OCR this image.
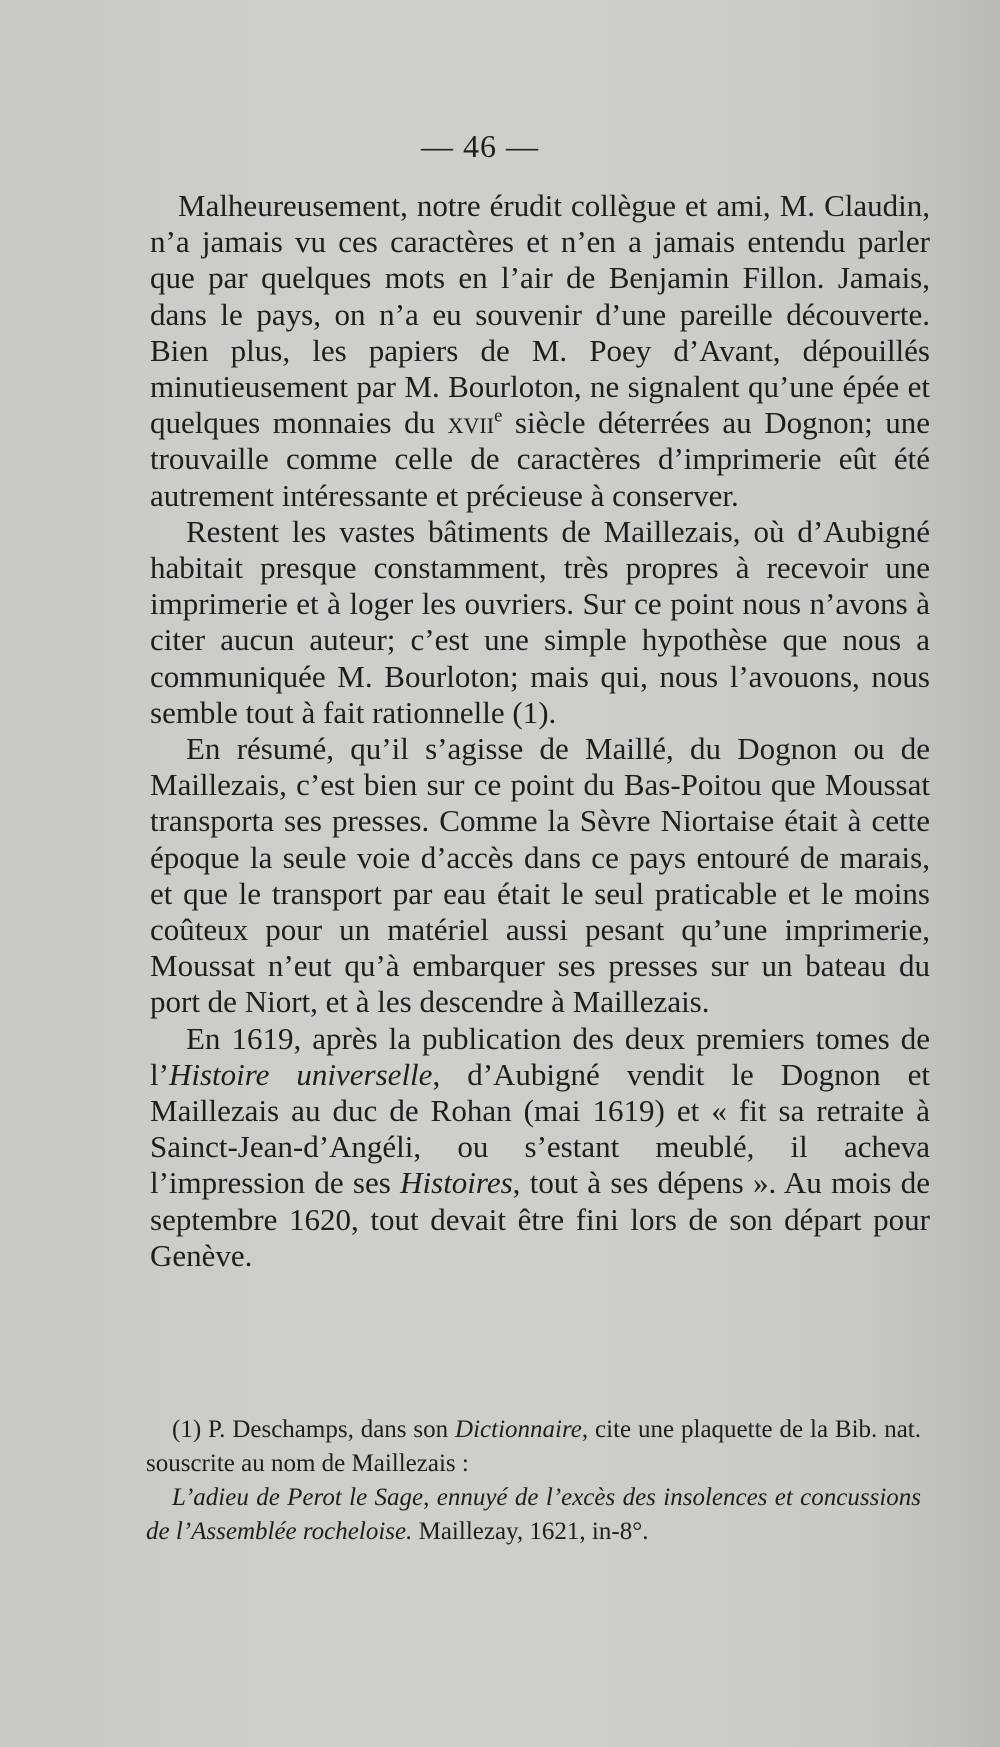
— 46 —

Malheureusement, notre érudit collègue et ami, M. Claudin, n’a jamais vu ces caractères et n’en a jamais entendu parler que par quelques mots en l’air de Benjamin Fillon. Jamais, dans le pays, on n’a eu souvenir d’une pareille découverte. Bien plus, les papiers de M. Poey d’Avant, dépouillés minutieusement par M. Bourloton, ne signalent qu’une épée et quelques monnaies du xvii$^e$ siècle déterrées au Dognon; une trouvaille comme celle de caractères d’imprimerie eût été autrement intéressante et précieuse à conserver.

Restent les vastes bâtiments de Maillezais, où d’Aubigné habitait presque constamment, très propres à recevoir une imprimerie et à loger les ouvriers. Sur ce point nous n’avons à citer aucun auteur; c’est une simple hypothèse que nous a communiquée M. Bourloton; mais qui, nous l’avouons, nous semble tout à fait rationnelle (1).

En résumé, qu’il s’agisse de Maillé, du Dognon ou de Maillezais, c’est bien sur ce point du Bas-Poitou que Moussat transporta ses presses. Comme la Sèvre Niortaise était à cette époque la seule voie d’accès dans ce pays entouré de marais, et que le transport par eau était le seul praticable et le moins coûteux pour un matériel aussi pesant qu’une imprimerie, Moussat n’eut qu’à embarquer ses presses sur un bateau du port de Niort, et à les descendre à Maillezais.

En 1619, après la publication des deux premiers tomes de l’Histoire universelle, d’Aubigné vendit le Dognon et Maillezais au duc de Rohan (mai 1619) et « fit sa retraite à Sainct-Jean-d’Angéli, ou s’estant meublé, il acheva l’impression de ses Histoires, tout à ses dépens ». Au mois de septembre 1620, tout devait être fini lors de son départ pour Genève.

(1) P. Deschamps, dans son Dictionnaire, cite une plaquette de la Bib. nat. souscrite au nom de Maillezais :

L’adieu de Perot le Sage, ennuyé de l’excès des insolences et concussions de l’Assemblée rocheloise. Maillezay, 1621, in-8°.
